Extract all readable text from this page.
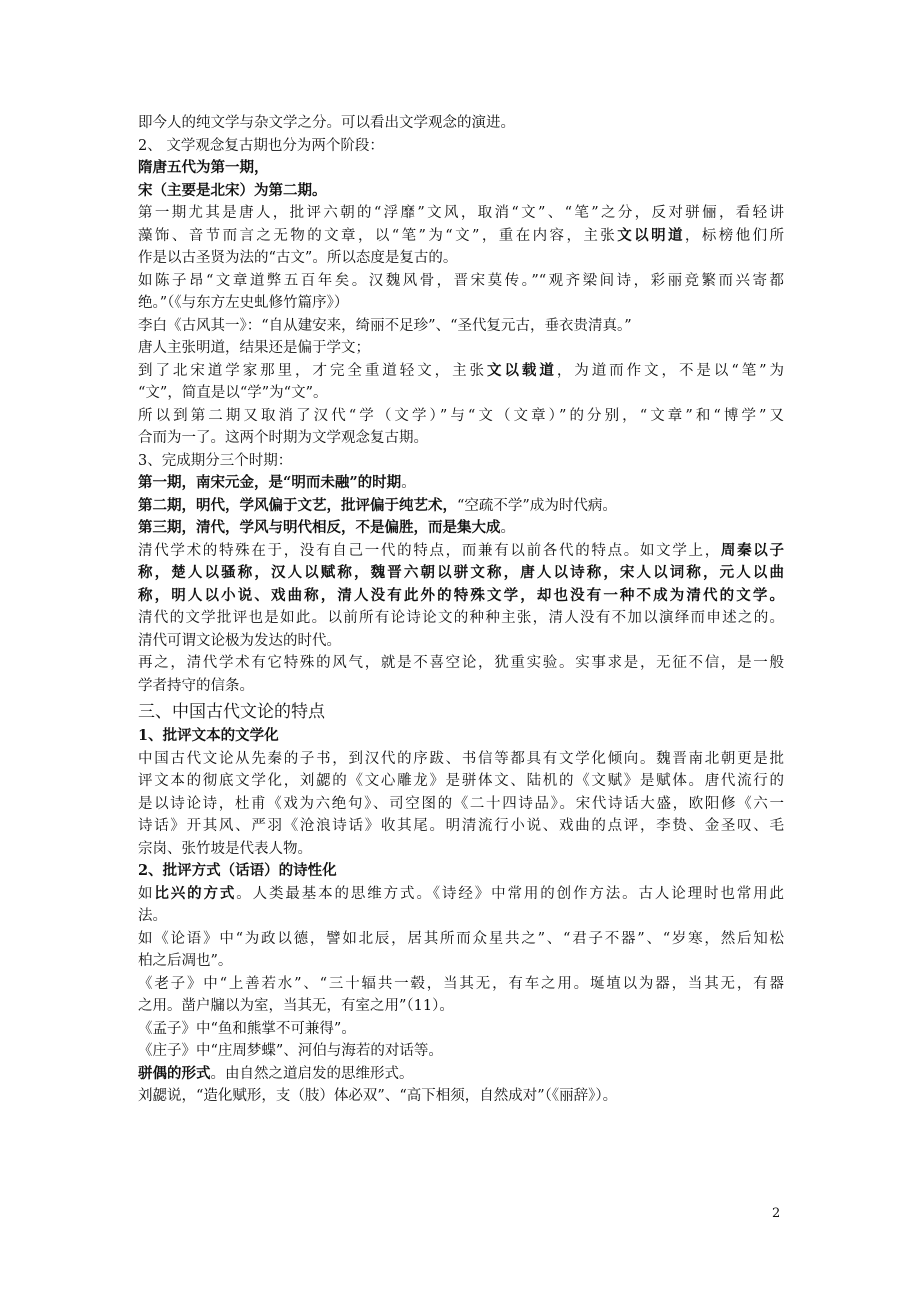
即今人的纯文学与杂文学之分。可以看出文学观念的演进。
2、 文学观念复古期也分为两个阶段：
隋唐五代为第一期，
宋（主要是北宋）为第二期。
第一期尤其是唐人，批评六朝的“浮靡”文风，取消“文”、“笔”之分，反对骈俪，看轻讲
藻饰、音节而言之无物的文章，以“笔”为“文”，重在内容，主张文以明道，标榜他们所
作是以古圣贤为法的“古文”。所以态度是复古的。
如陈子昂“文章道弊五百年矣。汉魏风骨，晋宋莫传。”“观齐梁间诗，彩丽竞繁而兴寄都
绝。”（《与东方左史虬修竹篇序》）
李白《古风其一》：“自从建安来，绮丽不足珍”、“圣代复元古，垂衣贵清真。”
唐人主张明道，结果还是偏于学文；
到了北宋道学家那里，才完全重道轻文，主张文以载道，为道而作文，不是以“笔”为
“文”，简直是以“学”为“文”。
所以到第二期又取消了汉代“学（文学）”与“文（文章）”的分别，“文章”和“博学”又
合而为一了。这两个时期为文学观念复古期。
3、完成期分三个时期：
第一期，南宋元金，是“明而未融”的时期。
第二期，明代，学风偏于文艺，批评偏于纯艺术，“空疏不学”成为时代病。
第三期，清代，学风与明代相反，不是偏胜，而是集大成。
清代学术的特殊在于，没有自己一代的特点，而兼有以前各代的特点。如文学上，周秦以子
称，楚人以骚称，汉人以赋称，魏晋六朝以骈文称，唐人以诗称，宋人以词称，元人以曲
称，明人以小说、戏曲称，清人没有此外的特殊文学，却也没有一种不成为清代的文学。
清代的文学批评也是如此。以前所有论诗论文的种种主张，清人没有不加以演绎而申述之的。
清代可谓文论极为发达的时代。
再之，清代学术有它特殊的风气，就是不喜空论，犹重实验。实事求是，无征不信，是一般
学者持守的信条。
三、中国古代文论的特点
1、批评文本的文学化
中国古代文论从先秦的子书，到汉代的序跋、书信等都具有文学化倾向。魏晋南北朝更是批
评文本的彻底文学化，刘勰的《文心雕龙》是骈体文、陆机的《文赋》是赋体。唐代流行的
是以诗论诗，杜甫《戏为六绝句》、司空图的《二十四诗品》。宋代诗话大盛，欧阳修《六一
诗话》开其风、严羽《沧浪诗话》收其尾。明清流行小说、戏曲的点评，李贽、金圣叹、毛
宗岗、张竹坡是代表人物。
2、批评方式（话语）的诗性化
如比兴的方式。人类最基本的思维方式。《诗经》中常用的创作方法。古人论理时也常用此
法。
如《论语》中“为政以德，譬如北辰，居其所而众星共之”、“君子不器”、“岁寒，然后知松
柏之后凋也”。
《老子》中“上善若水”、“三十辐共一毂，当其无，有车之用。埏埴以为器，当其无，有器
之用。凿户牖以为室，当其无，有室之用”（11）。
《孟子》中“鱼和熊掌不可兼得”。
《庄子》中“庄周梦蝶”、河伯与海若的对话等。
骈偶的形式。由自然之道启发的思维形式。
刘勰说，“造化赋形，支（肢）体必双”、“高下相须，自然成对”（《丽辞》）。
2
